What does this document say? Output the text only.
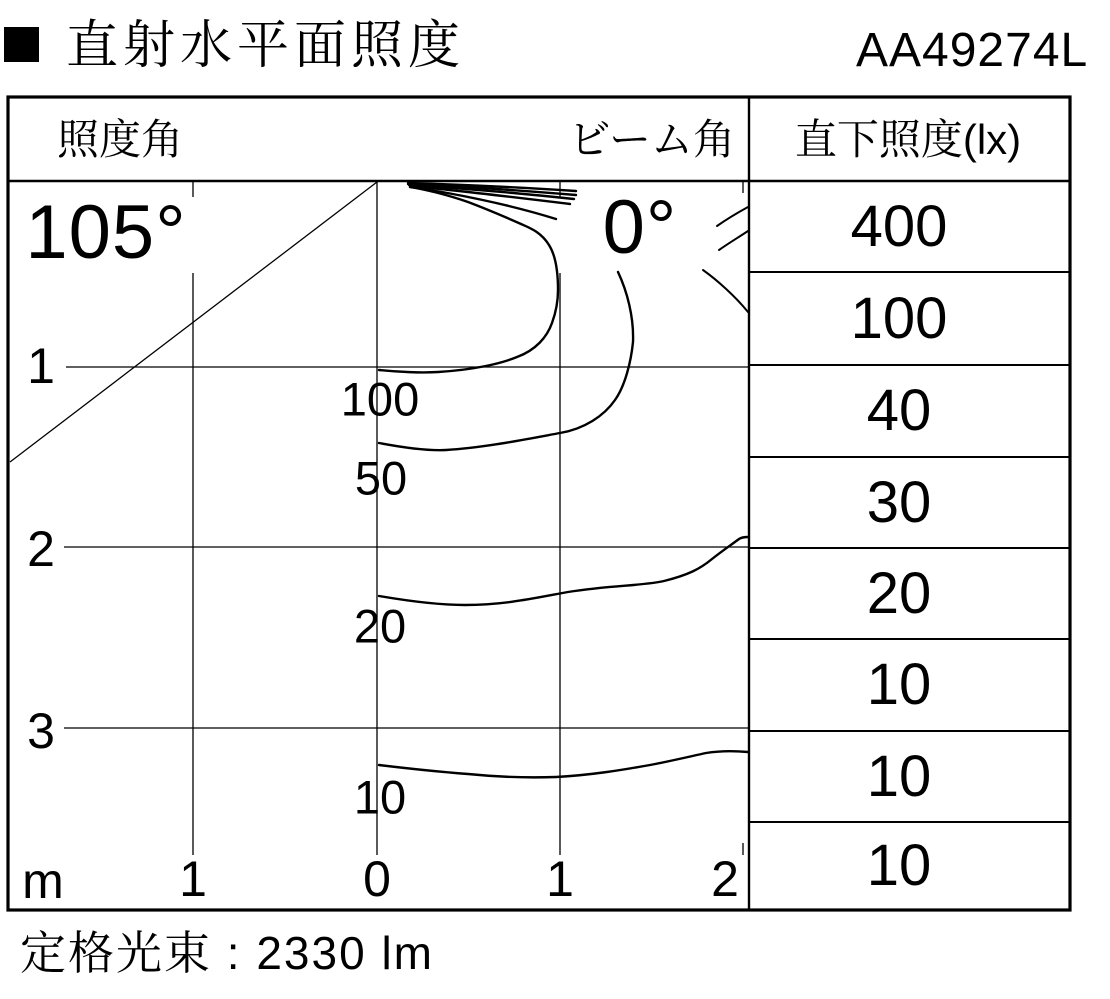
直射水平面照度	AA49274L
照度角	ビーム角 直下照度(lx)
105°	0°
1
2
3
m 1	0	1	2
100
50
20
10
400
100
40
30
20
10
10
10
定格光束 : 2330 lm
